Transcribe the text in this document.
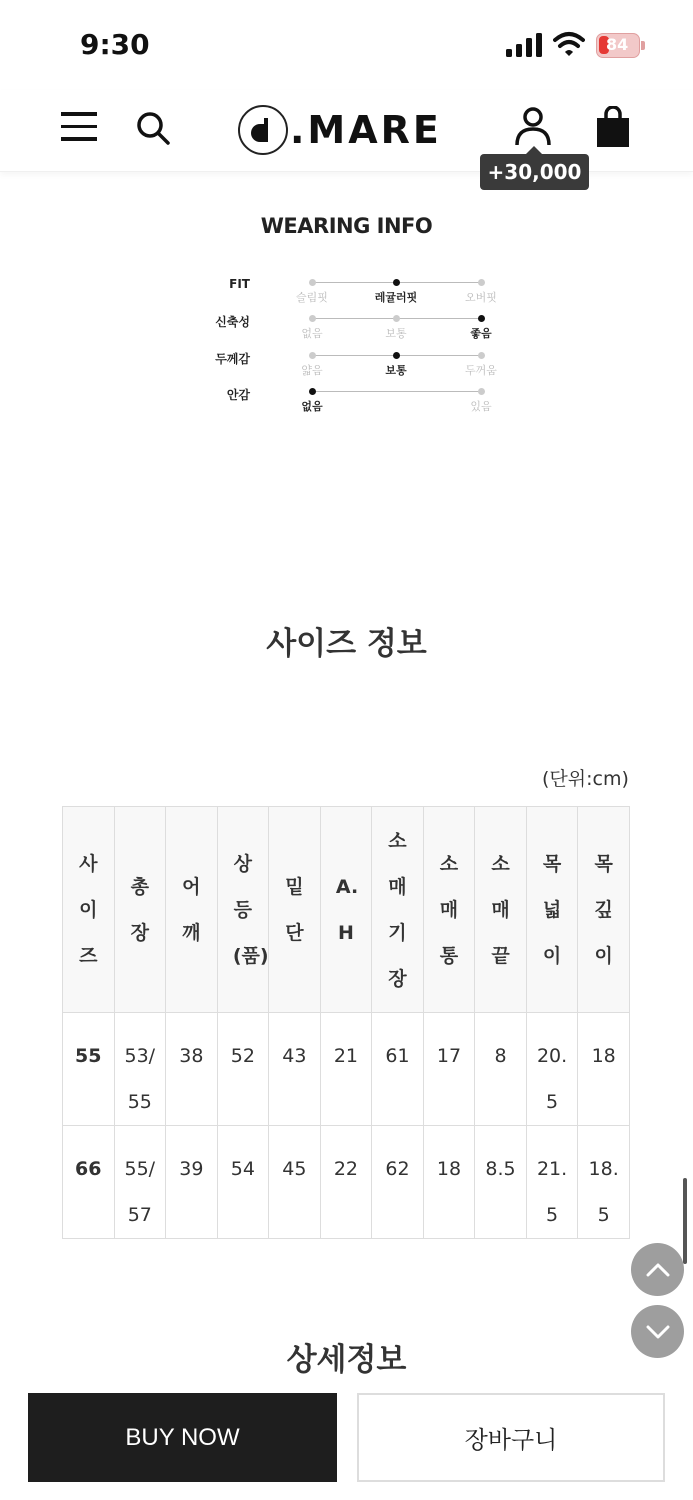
9:30	84
.MARE
+30,000
WEARING INFO
FIT
슬림핏	레귤러핏	오버핏
신축성
없음	보통	좋음
두께감
얇음	보통	두꺼움
안감
없음	있음
사이즈 정보
(단위:cm)
사이즈	총장	어깨	상등(품)	밑단	A.H	소매기장	소매통	소매끝	목넓이	목깊이
55	53/55	38	52	43	21	61	17	8	20.5	18
66	55/57	39	54	45	22	62	18	8.5	21.5	18.5
상세정보
BUY NOW	장바구니
